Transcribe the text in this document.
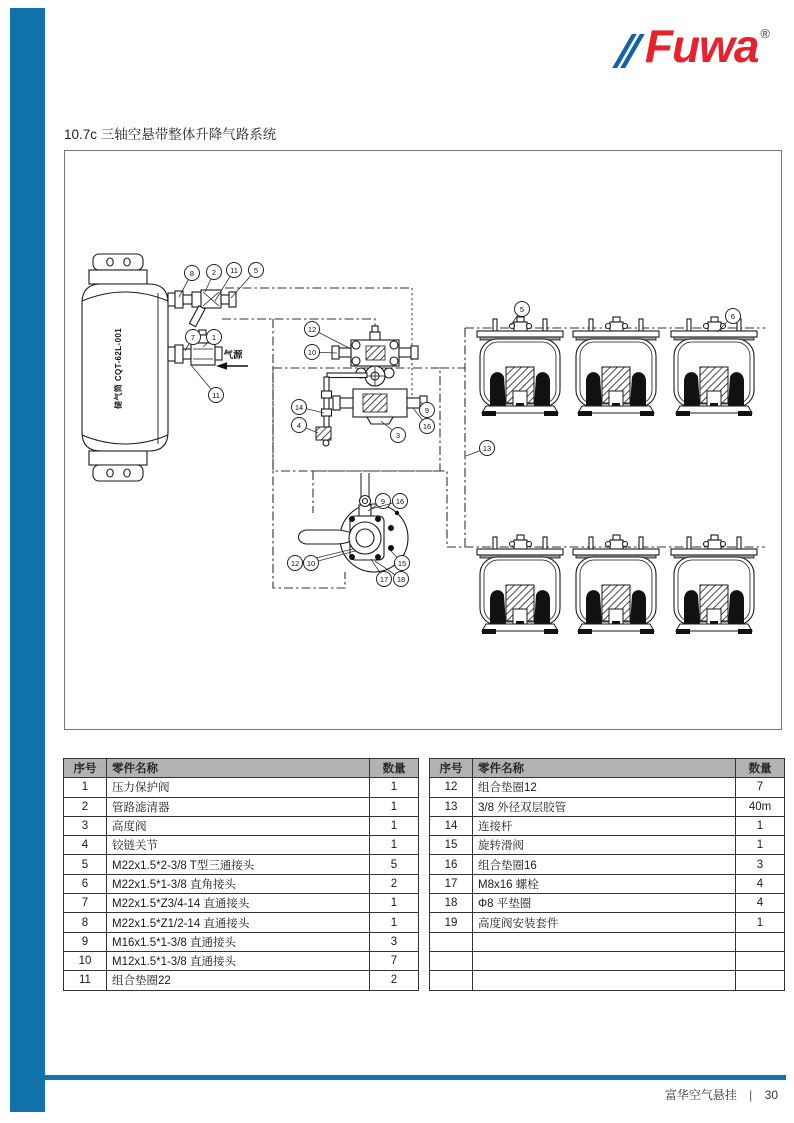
Fuwa ®
10.7c 三轴空悬带整体升降气路系统
储气筒 CQT-62L-001	气源
8 2 11 5
7 1
11
12
10
9
16
3
14
4
9 16
12 10	15
17 18
5
6
13
序号	零件名称	数量
1	压力保护阀	1
2	管路滤清器	1
3	高度阀	1
4	铰链关节	1
5	M22x1.5*2-3/8 T型三通接头	5
6	M22x1.5*1-3/8 直角接头	2
7	M22x1.5*Z3/4-14 直通接头	1
8	M22x1.5*Z1/2-14 直通接头	1
9	M16x1.5*1-3/8 直通接头	3
10	M12x1.5*1-3/8 直通接头	7
11	组合垫圈22	2
序号	零件名称	数量
12	组合垫圈12	7
13	3/8 外径双层胶管	40m
14	连接杆	1
15	旋转滑阀	1
16	组合垫圈16	3
17	M8x16 螺栓	4
18	Φ8 平垫圈	4
19	高度阀安装套件	1

富华空气悬挂 | 30
